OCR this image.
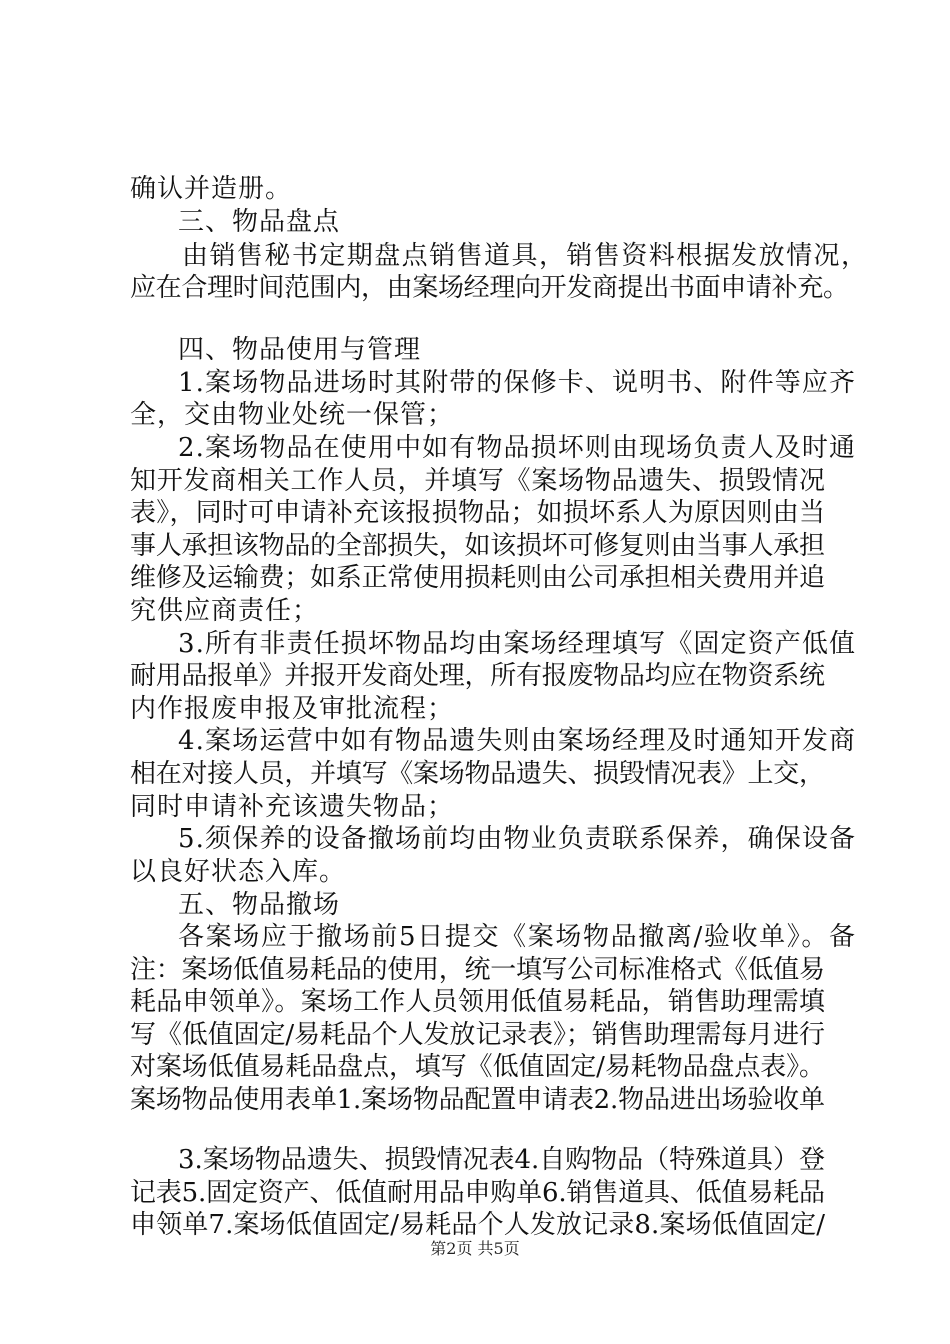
确认并造册。
三、物品盘点
由销售秘书定期盘点销售道具，销售资料根据发放情况，
应在合理时间范围内，由案场经理向开发商提出书面申请补充。
四、物品使用与管理
1.案场物品进场时其附带的保修卡、说明书、附件等应齐
全，交由物业处统一保管；
2.案场物品在使用中如有物品损坏则由现场负责人及时通
知开发商相关工作人员，并填写《案场物品遗失、损毁情况
表》，同时可申请补充该报损物品；如损坏系人为原因则由当
事人承担该物品的全部损失，如该损坏可修复则由当事人承担
维修及运输费；如系正常使用损耗则由公司承担相关费用并追
究供应商责任；
3.所有非责任损坏物品均由案场经理填写《固定资产低值
耐用品报单》并报开发商处理，所有报废物品均应在物资系统
内作报废申报及审批流程；
4.案场运营中如有物品遗失则由案场经理及时通知开发商
相在对接人员，并填写《案场物品遗失、损毁情况表》上交，
同时申请补充该遗失物品；
5.须保养的设备撤场前均由物业负责联系保养，确保设备
以良好状态入库。
五、物品撤场
各案场应于撤场前5日提交《案场物品撤离/验收单》。备
注：案场低值易耗品的使用，统一填写公司标准格式《低值易
耗品申领单》。案场工作人员领用低值易耗品，销售助理需填
写《低值固定/易耗品个人发放记录表》；销售助理需每月进行
对案场低值易耗品盘点，填写《低值固定/易耗物品盘点表》。
案场物品使用表单1.案场物品配置申请表2.物品进出场验收单
3.案场物品遗失、损毁情况表4.自购物品（特殊道具）登
记表5.固定资产、低值耐用品申购单6.销售道具、低值易耗品
申领单7.案场低值固定/易耗品个人发放记录8.案场低值固定/
第2页 共5页
